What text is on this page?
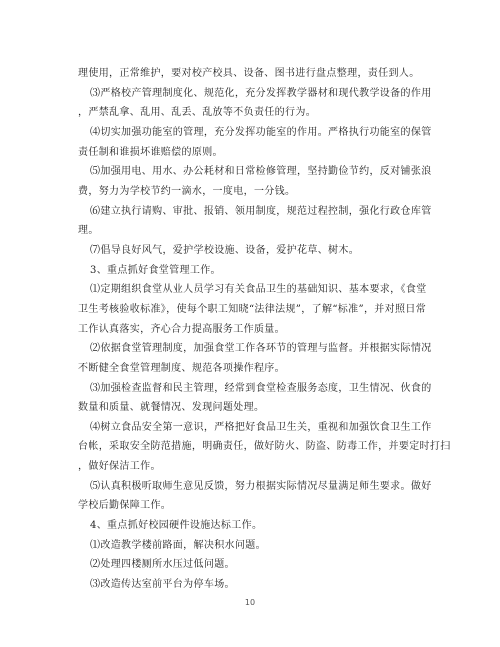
理使用，正常维护，要对校产校具、设备、图书进行盘点整理，责任到人。
⑶严格校产管理制度化、规范化，充分发挥教学器材和现代教学设备的作用
，严禁乱拿、乱用、乱丢、乱放等不负责任的行为。
⑷切实加强功能室的管理，充分发挥功能室的作用。严格执行功能室的保管
责任制和谁损坏谁赔偿的原则。
⑸加强用电、用水、办公耗材和日常检修管理，坚持勤俭节约，反对铺张浪
费，努力为学校节约一滴水，一度电，一分钱。
⑹建立执行请购、审批、报销、领用制度，规范过程控制，强化行政仓库管
理。
⑺倡导良好风气，爱护学校设施、设备，爱护花草、树木。
3、重点抓好食堂管理工作。
⑴定期组织食堂从业人员学习有关食品卫生的基础知识、基本要求，《食堂
卫生考核验收标准》，使每个职工知晓“法律法规”，了解“标准”，并对照日常
工作认真落实，齐心合力提高服务工作质量。
⑵依据食堂管理制度，加强食堂工作各环节的管理与监督。并根据实际情况
不断健全食堂管理制度、规范各项操作程序。
⑶加强检查监督和民主管理，经常到食堂检查服务态度，卫生情况、伙食的
数量和质量、就餐情况、发现问题处理。
⑷树立食品安全第一意识，严格把好食品卫生关，重视和加强饮食卫生工作
台帐，采取安全防范措施，明确责任，做好防火、防盗、防毒工作，并要定时打扫
，做好保洁工作。
⑸认真积极听取师生意见反馈，努力根据实际情况尽量满足师生要求。做好
学校后勤保障工作。
4、重点抓好校园硬件设施达标工作。
⑴改造教学楼前路面，解决积水问题。
⑵处理四楼厕所水压过低问题。
⑶改造传达室前平台为停车场。
10
